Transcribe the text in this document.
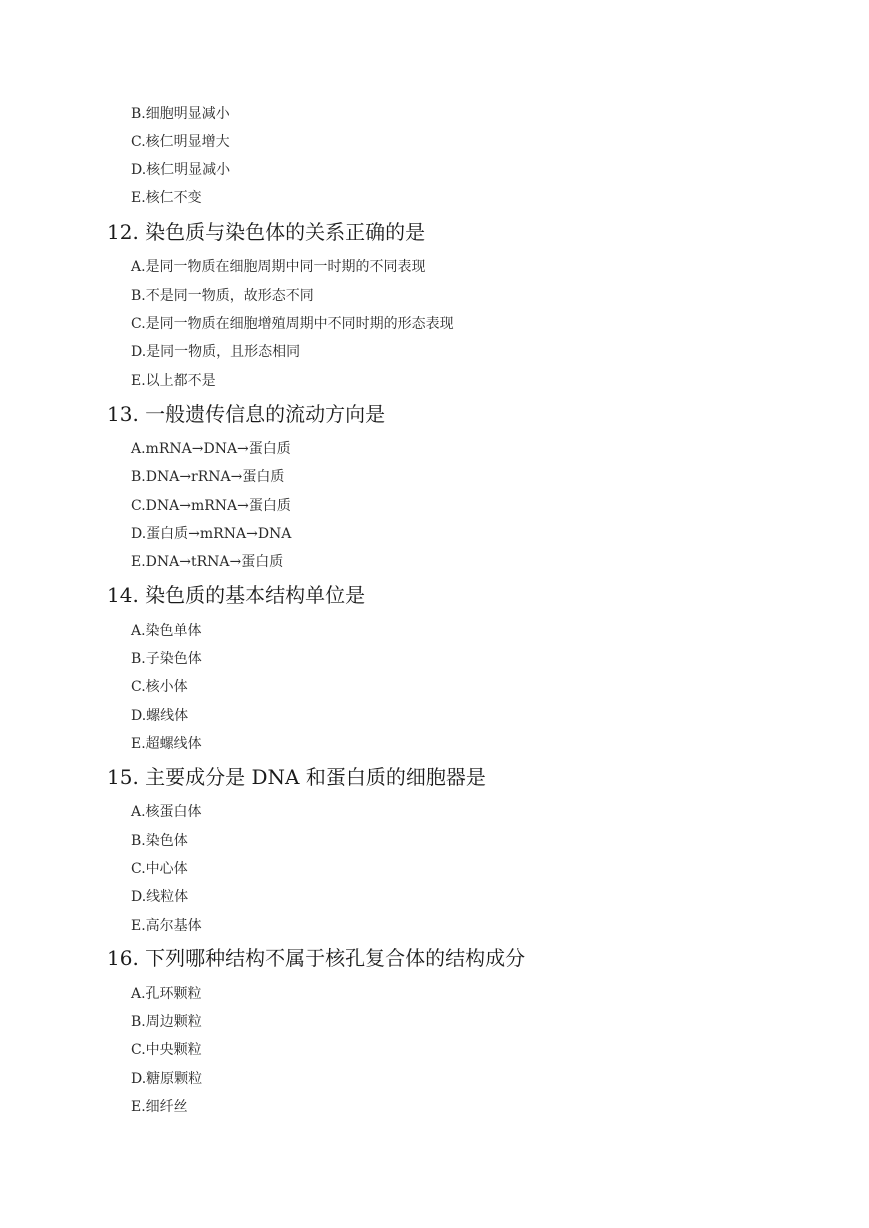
B.细胞明显减小
C.核仁明显增大
D.核仁明显减小
E.核仁不变
12. 染色质与染色体的关系正确的是
A.是同一物质在细胞周期中同一时期的不同表现
B.不是同一物质，故形态不同
C.是同一物质在细胞增殖周期中不同时期的形态表现
D.是同一物质，且形态相同
E.以上都不是
13. 一般遗传信息的流动方向是
A.mRNA→DNA→蛋白质
B.DNA→rRNA→蛋白质
C.DNA→mRNA→蛋白质
D.蛋白质→mRNA→DNA
E.DNA→tRNA→蛋白质
14. 染色质的基本结构单位是
A.染色单体
B.子染色体
C.核小体
D.螺线体
E.超螺线体
15. 主要成分是 DNA 和蛋白质的细胞器是
A.核蛋白体
B.染色体
C.中心体
D.线粒体
E.高尔基体
16. 下列哪种结构不属于核孔复合体的结构成分
A.孔环颗粒
B.周边颗粒
C.中央颗粒
D.糖原颗粒
E.细纤丝
